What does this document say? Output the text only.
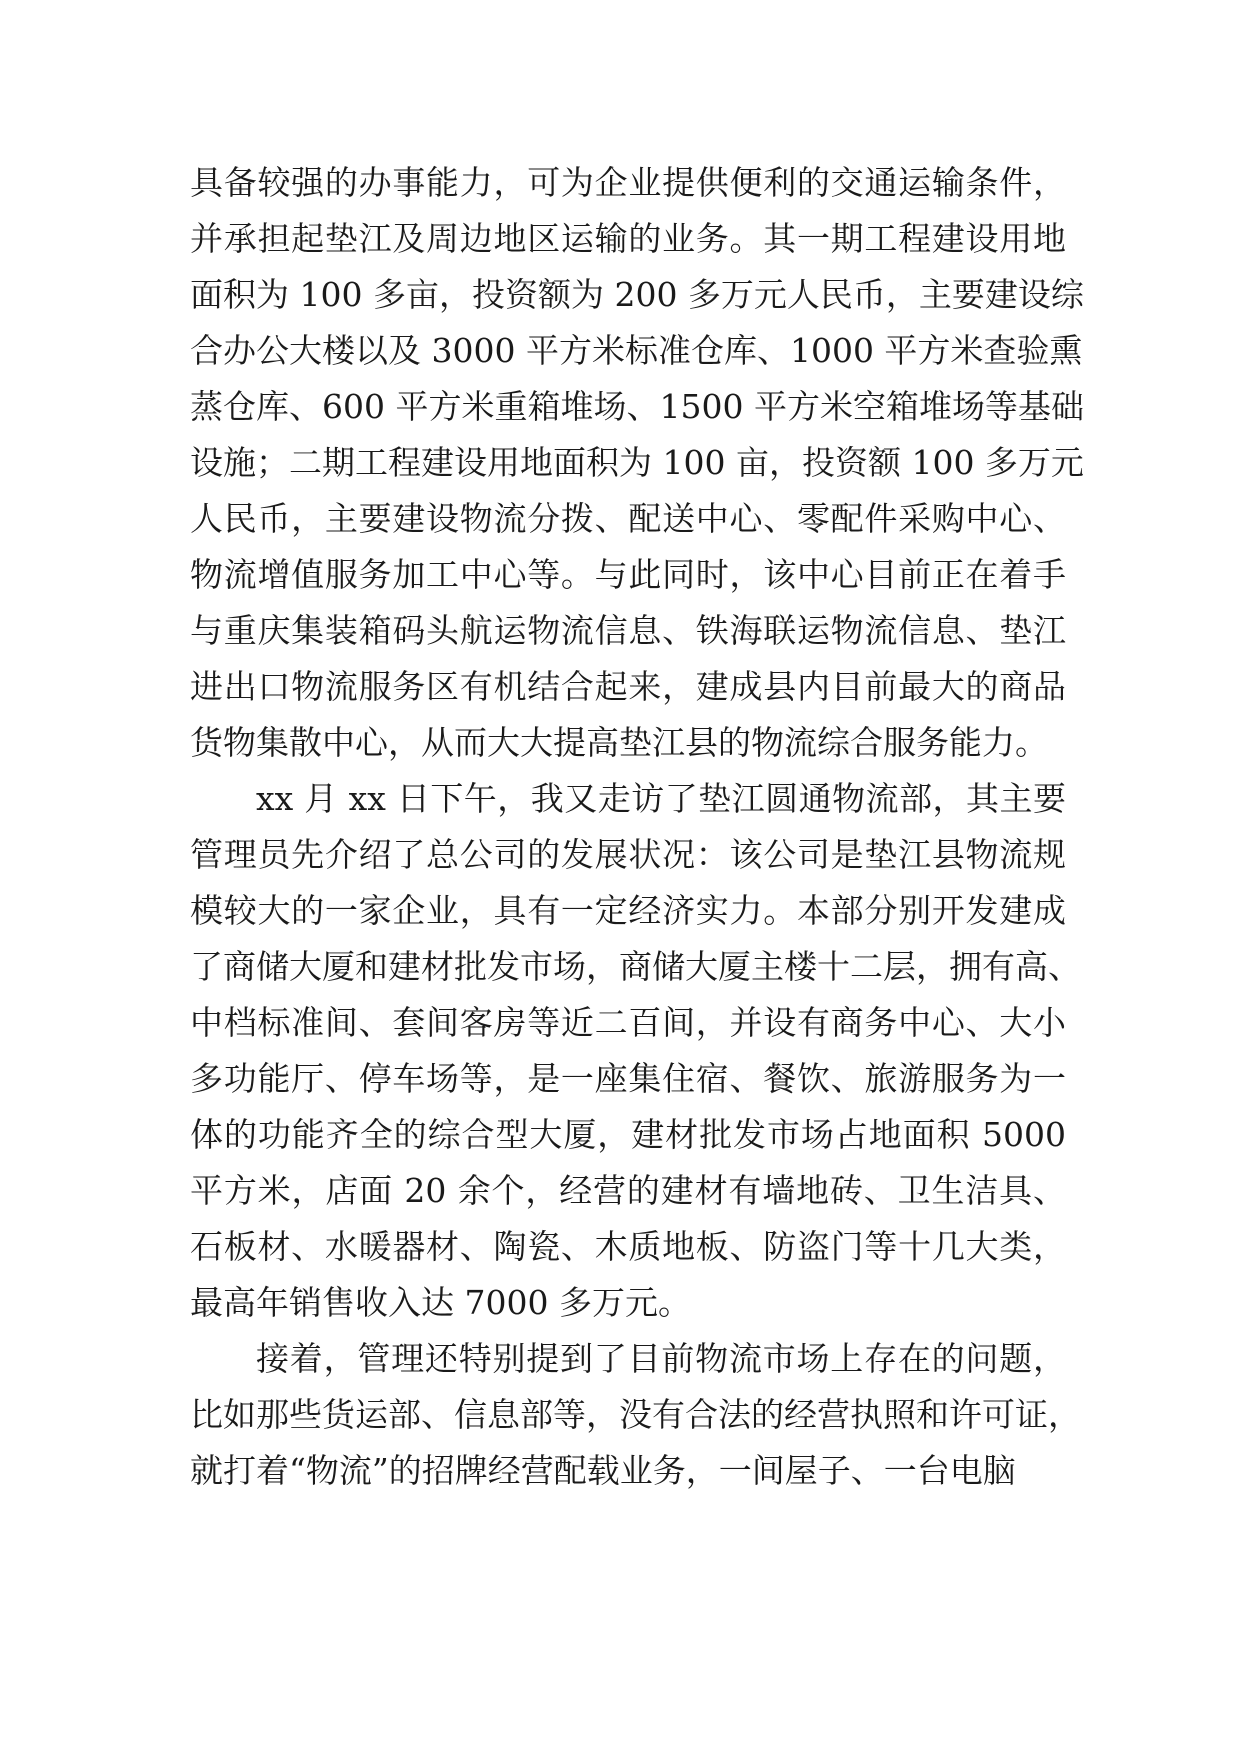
具备较强的办事能力，可为企业提供便利的交通运输条件，
并承担起垫江及周边地区运输的业务。其一期工程建设用地
面积为 100 多亩，投资额为 200 多万元人民币，主要建设综
合办公大楼以及 3000 平方米标准仓库、1000 平方米查验熏
蒸仓库、600 平方米重箱堆场、1500 平方米空箱堆场等基础
设施；二期工程建设用地面积为 100 亩，投资额 100 多万元
人民币，主要建设物流分拨、配送中心、零配件采购中心、
物流增值服务加工中心等。与此同时，该中心目前正在着手
与重庆集装箱码头航运物流信息、铁海联运物流信息、垫江
进出口物流服务区有机结合起来，建成县内目前最大的商品
货物集散中心，从而大大提高垫江县的物流综合服务能力。
xx 月 xx 日下午，我又走访了垫江圆通物流部，其主要
管理员先介绍了总公司的发展状况：该公司是垫江县物流规
模较大的一家企业，具有一定经济实力。本部分别开发建成
了商储大厦和建材批发市场，商储大厦主楼十二层，拥有高、
中档标准间、套间客房等近二百间，并设有商务中心、大小
多功能厅、停车场等，是一座集住宿、餐饮、旅游服务为一
体的功能齐全的综合型大厦，建材批发市场占地面积 5000
平方米，店面 20 余个，经营的建材有墙地砖、卫生洁具、
石板材、水暖器材、陶瓷、木质地板、防盗门等十几大类，
最高年销售收入达 7000 多万元。
接着，管理还特别提到了目前物流市场上存在的问题，
比如那些货运部、信息部等，没有合法的经营执照和许可证，
就打着“物流”的招牌经营配载业务，一间屋子、一台电脑
